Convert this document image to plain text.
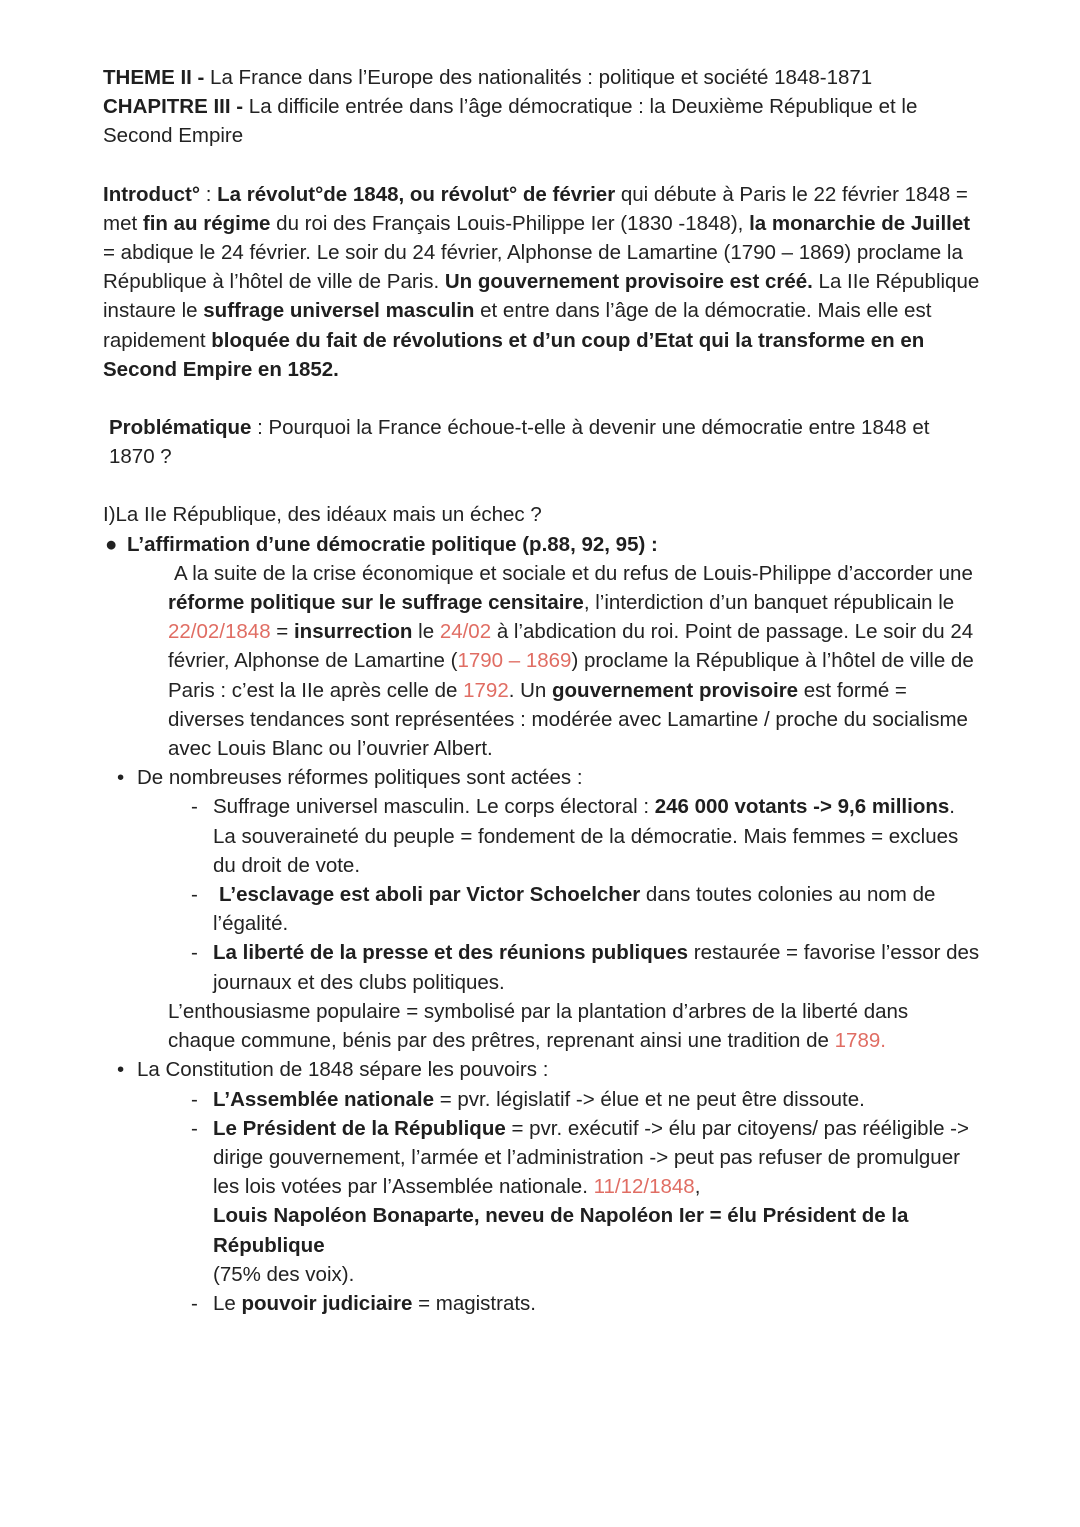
THEME II - La France dans l’Europe des nationalités : politique et société 1848-1871

CHAPITRE III - La difficile entrée dans l’âge démocratique : la Deuxième République et le Second Empire

Introduct° : La révolut°de 1848, ou révolut° de février qui débute à Paris le 22 février 1848 = met fin au régime du roi des Français Louis-Philippe Ier (1830 -1848), la monarchie de Juillet = abdique le 24 février. Le soir du 24 février, Alphonse de Lamartine (1790 – 1869) proclame la République à l’hôtel de ville de Paris. Un gouvernement provisoire est créé. La IIe République instaure le suffrage universel masculin et entre dans l’âge de la démocratie. Mais elle est rapidement bloquée du fait de révolutions et d’un coup d’Etat qui la transforme en en Second Empire en 1852.

Problématique : Pourquoi la France échoue-t-elle à devenir une démocratie entre 1848 et 1870 ?

I)La IIe République, des idéaux mais un échec ?

● L’affirmation d’une démocratie politique (p.88, 92, 95) :

A la suite de la crise économique et sociale et du refus de Louis-Philippe d’accorder une réforme politique sur le suffrage censitaire, l’interdiction d’un banquet républicain le 22/02/1848 = insurrection le 24/02 à l’abdication du roi. Point de passage. Le soir du 24 février, Alphonse de Lamartine (1790 – 1869) proclame la République à l’hôtel de ville de Paris : c’est la IIe après celle de 1792. Un gouvernement provisoire est formé = diverses tendances sont représentées : modérée avec Lamartine / proche du socialisme avec Louis Blanc ou l’ouvrier Albert.

• De nombreuses réformes politiques sont actées :
- Suffrage universel masculin. Le corps électoral : 246 000 votants -> 9,6 millions. La souveraineté du peuple = fondement de la démocratie. Mais femmes = exclues du droit de vote.
- L’esclavage est aboli par Victor Schoelcher dans toutes colonies au nom de l’égalité.
- La liberté de la presse et des réunions publiques restaurée = favorise l’essor des journaux et des clubs politiques.

L’enthousiasme populaire = symbolisé par la plantation d’arbres de la liberté dans chaque commune, bénis par des prêtres, reprenant ainsi une tradition de 1789.

• La Constitution de 1848 sépare les pouvoirs :
- L’Assemblée nationale = pvr. législatif -> élue et ne peut être dissoute.
- Le Président de la République = pvr. exécutif -> élu par citoyens/ pas rééligible -> dirige gouvernement, l’armée et l’administration -> peut pas refuser de promulguer les lois votées par l’Assemblée nationale. 11/12/1848,
Louis Napoléon Bonaparte, neveu de Napoléon Ier = élu Président de la République
(75% des voix).
- Le pouvoir judiciaire = magistrats.
